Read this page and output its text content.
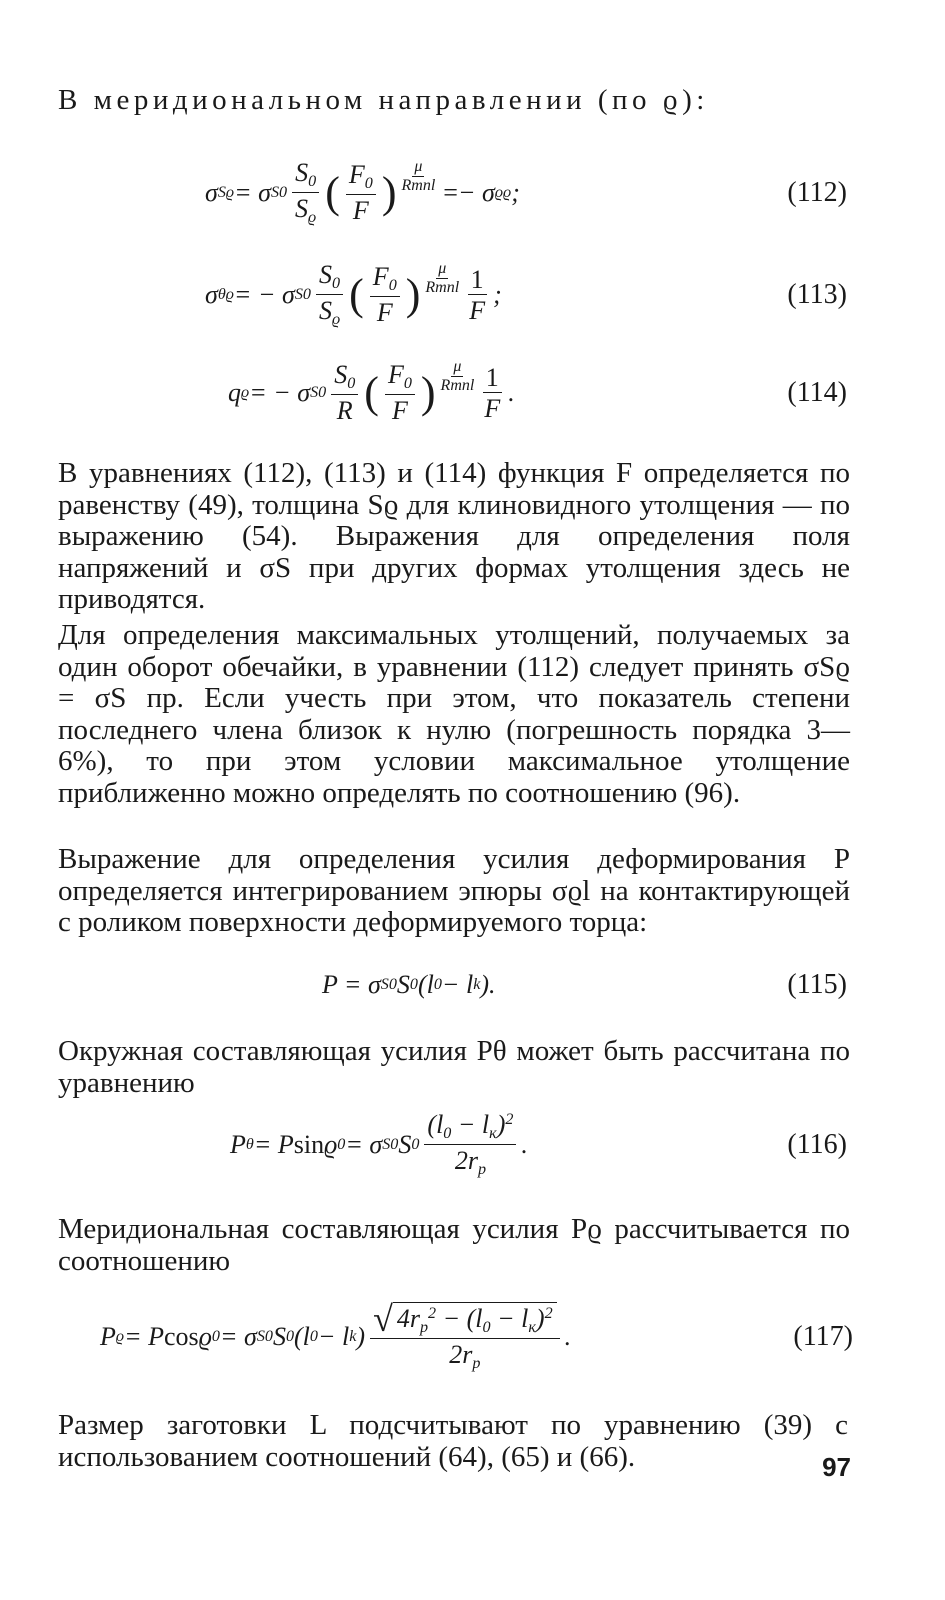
В меридиональном направлении (по ϱ):
σ Sϱ = σ $S0 \frac{S_0}{S_ϱ}$ ( $\frac{F_0}{F}$ )
μ
Rmnl = − σ ϱϱ ;	(112)
σ θϱ = − σ $S0 \frac{S_0}{S_ϱ}$ ( $\frac{F_0}{F}$ )
μ
Rmnl $\frac{1}{F}$ ;	(113)
q ϱ = − σ $S0 \frac{S_0}{R}$ ( $\frac{F_0}{F}$ )
μ
Rmnl $\frac{1}{F}$ .	(114)
В уравнениях (112), (113) и (114) функция F определяется по равенству (49), толщина Sϱ для клиновидного утолщения — по выражению (54). Выражения для определения поля напряжений и σS при других формах утолщения здесь не приводятся.
Для определения максимальных утолщений, получаемых за один оборот обечайки, в уравнении (112) следует принять σSϱ = σS пр. Если учесть при этом, что показатель степени последнего члена близок к нулю (погрешность порядка 3—6%), то при этом условии максимальное утолщение приближенно можно определять по соотношению (96).
Выражение для определения усилия деформирования P определяется интегрированием эпюры σϱl на контактирующей с роликом поверхности деформируемого торца:
P = σ S0 S 0 (l 0 − l k ).	(115)
Окружная составляющая усилия Pθ может быть рассчитана по уравнению
P θ = P sin ϱ 0 = σ S0 S $0 \frac{(l_0 - l_к)^2}{2r_р}$ .	(116)
Меридиональная составляющая усилия Pϱ рассчитывается по соотношению
P ϱ = P cos ϱ 0 = σ S0 S 0 (l 0 − l k ) $\frac{√ 4r_р^2 - (l_0 - l_к)^2}{2r_р}$ .	(117)
Размер заготовки L подсчитывают по уравнению (39) с использованием соотношений (64), (65) и (66).	97
